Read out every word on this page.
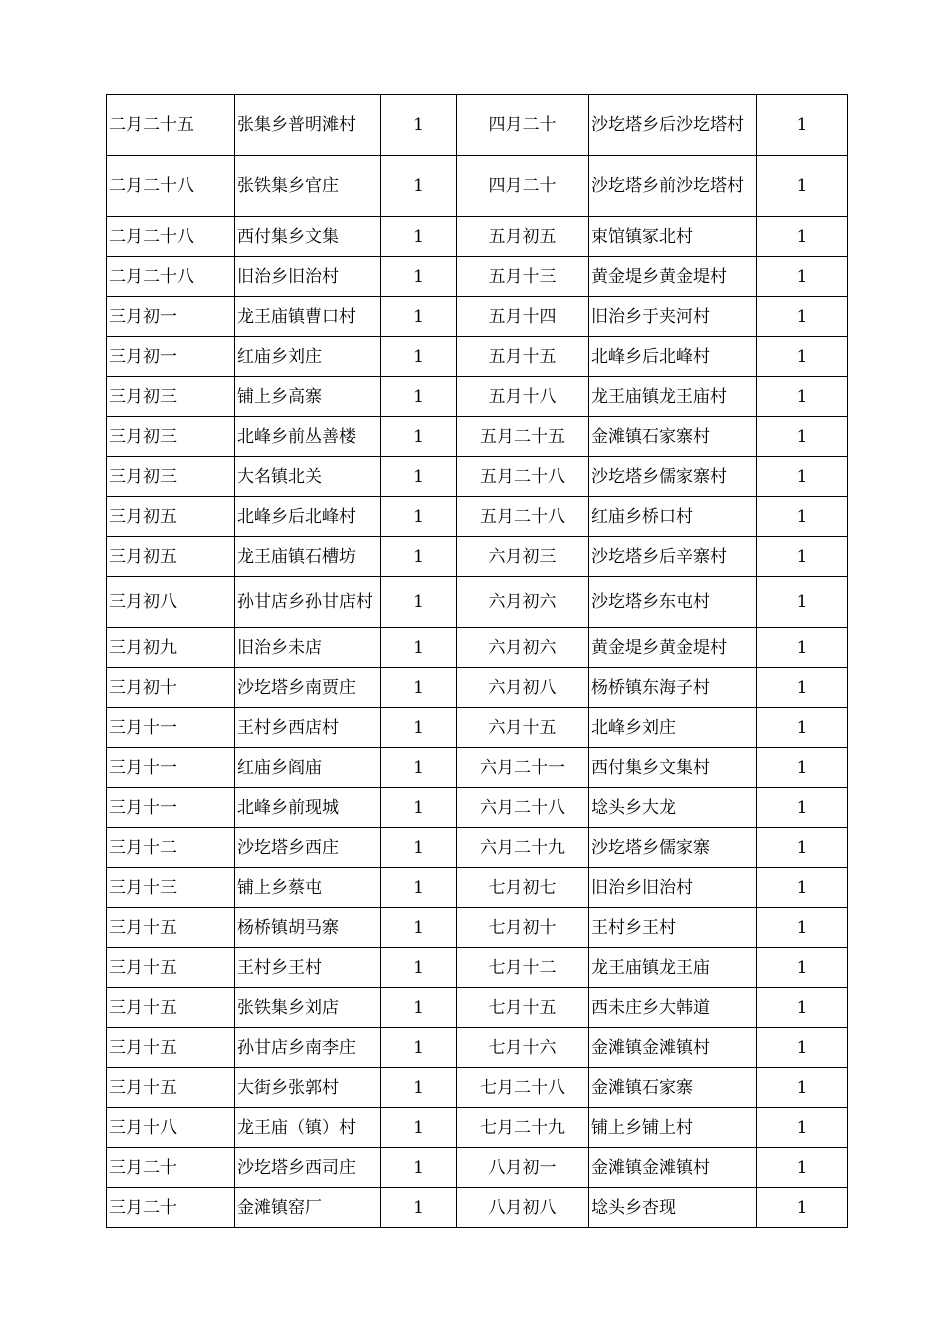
二月二十五	张集乡普明滩村	1	四月二十	沙圪塔乡后沙圪塔村	1
二月二十八	张铁集乡官庄	1	四月二十	沙圪塔乡前沙圪塔村	1
二月二十八	西付集乡文集	1	五月初五	束馆镇冢北村	1
二月二十八	旧治乡旧治村	1	五月十三	黄金堤乡黄金堤村	1
三月初一	龙王庙镇曹口村	1	五月十四	旧治乡于夹河村	1
三月初一	红庙乡刘庄	1	五月十五	北峰乡后北峰村	1
三月初三	铺上乡高寨	1	五月十八	龙王庙镇龙王庙村	1
三月初三	北峰乡前丛善楼	1	五月二十五	金滩镇石家寨村	1
三月初三	大名镇北关	1	五月二十八	沙圪塔乡儒家寨村	1
三月初五	北峰乡后北峰村	1	五月二十八	红庙乡桥口村	1
三月初五	龙王庙镇石槽坊	1	六月初三	沙圪塔乡后辛寨村	1
三月初八	孙甘店乡孙甘店村	1	六月初六	沙圪塔乡东屯村	1
三月初九	旧治乡未店	1	六月初六	黄金堤乡黄金堤村	1
三月初十	沙圪塔乡南贾庄	1	六月初八	杨桥镇东海子村	1
三月十一	王村乡西店村	1	六月十五	北峰乡刘庄	1
三月十一	红庙乡阎庙	1	六月二十一	西付集乡文集村	1
三月十一	北峰乡前现城	1	六月二十八	埝头乡大龙	1
三月十二	沙圪塔乡西庄	1	六月二十九	沙圪塔乡儒家寨	1
三月十三	铺上乡蔡屯	1	七月初七	旧治乡旧治村	1
三月十五	杨桥镇胡马寨	1	七月初十	王村乡王村	1
三月十五	王村乡王村	1	七月十二	龙王庙镇龙王庙	1
三月十五	张铁集乡刘店	1	七月十五	西未庄乡大韩道	1
三月十五	孙甘店乡南李庄	1	七月十六	金滩镇金滩镇村	1
三月十五	大街乡张郭村	1	七月二十八	金滩镇石家寨	1
三月十八	龙王庙（镇）村	1	七月二十九	铺上乡铺上村	1
三月二十	沙圪塔乡西司庄	1	八月初一	金滩镇金滩镇村	1
三月二十	金滩镇窑厂	1	八月初八	埝头乡杏现	1
